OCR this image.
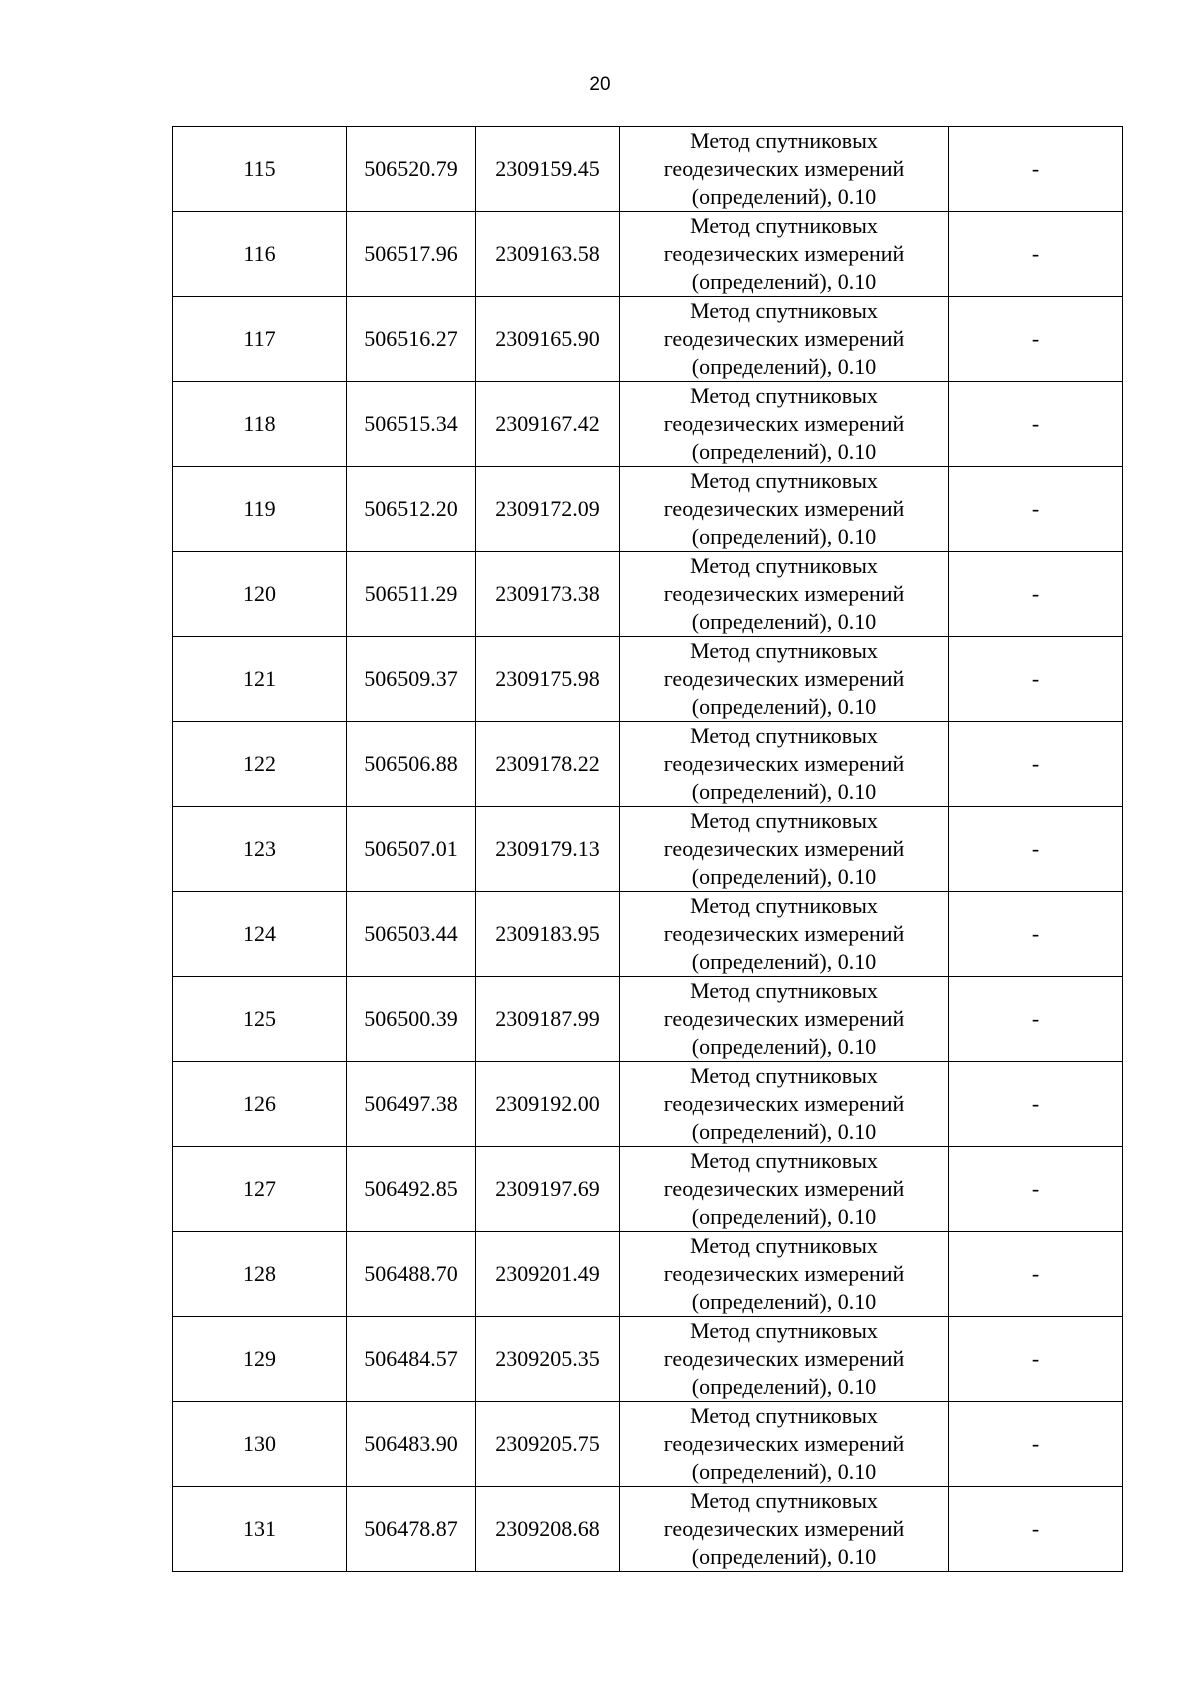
20
115	506520.79	2309159.45	Метод спутниковых
геодезических измерений
(определений), 0.10	-
116	506517.96	2309163.58	Метод спутниковых
геодезических измерений
(определений), 0.10	-
117	506516.27	2309165.90	Метод спутниковых
геодезических измерений
(определений), 0.10	-
118	506515.34	2309167.42	Метод спутниковых
геодезических измерений
(определений), 0.10	-
119	506512.20	2309172.09	Метод спутниковых
геодезических измерений
(определений), 0.10	-
120	506511.29	2309173.38	Метод спутниковых
геодезических измерений
(определений), 0.10	-
121	506509.37	2309175.98	Метод спутниковых
геодезических измерений
(определений), 0.10	-
122	506506.88	2309178.22	Метод спутниковых
геодезических измерений
(определений), 0.10	-
123	506507.01	2309179.13	Метод спутниковых
геодезических измерений
(определений), 0.10	-
124	506503.44	2309183.95	Метод спутниковых
геодезических измерений
(определений), 0.10	-
125	506500.39	2309187.99	Метод спутниковых
геодезических измерений
(определений), 0.10	-
126	506497.38	2309192.00	Метод спутниковых
геодезических измерений
(определений), 0.10	-
127	506492.85	2309197.69	Метод спутниковых
геодезических измерений
(определений), 0.10	-
128	506488.70	2309201.49	Метод спутниковых
геодезических измерений
(определений), 0.10	-
129	506484.57	2309205.35	Метод спутниковых
геодезических измерений
(определений), 0.10	-
130	506483.90	2309205.75	Метод спутниковых
геодезических измерений
(определений), 0.10	-
131	506478.87	2309208.68	Метод спутниковых
геодезических измерений
(определений), 0.10	-
